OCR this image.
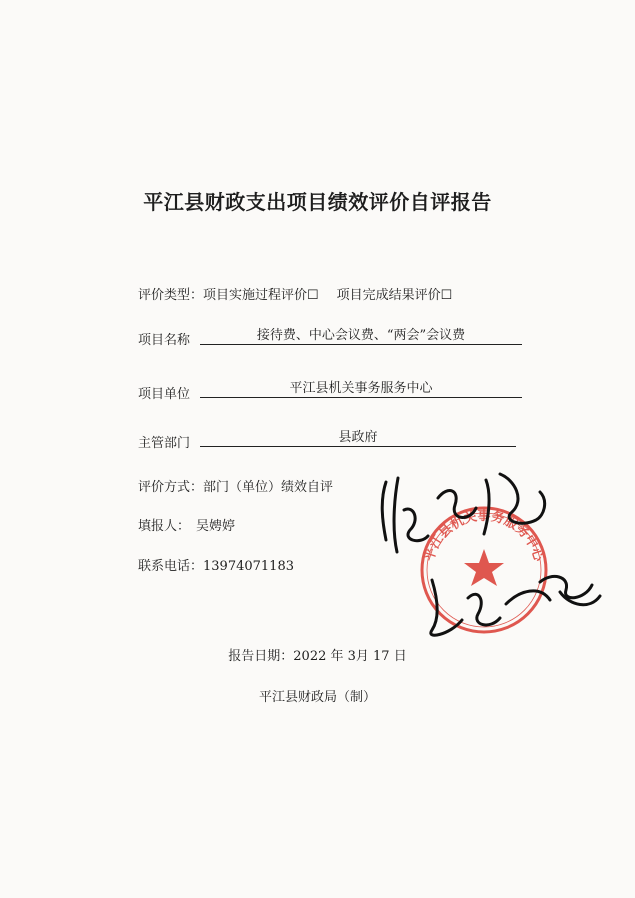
平江县财政支出项目绩效评价自评报告
评价类型：项目实施过程评价☐ 项目完成结果评价☐
项目名称	接待费、中心会议费、“两会”会议费
项目单位	平江县机关事务服务中心
主管部门	县政府
评价方式：部门（单位）绩效自评
填报人： 吴娉婷
联系电话：13974071183
报告日期：2022 年 3月 17 日
平江县财政局（制）
平江县机关事务服务中心
